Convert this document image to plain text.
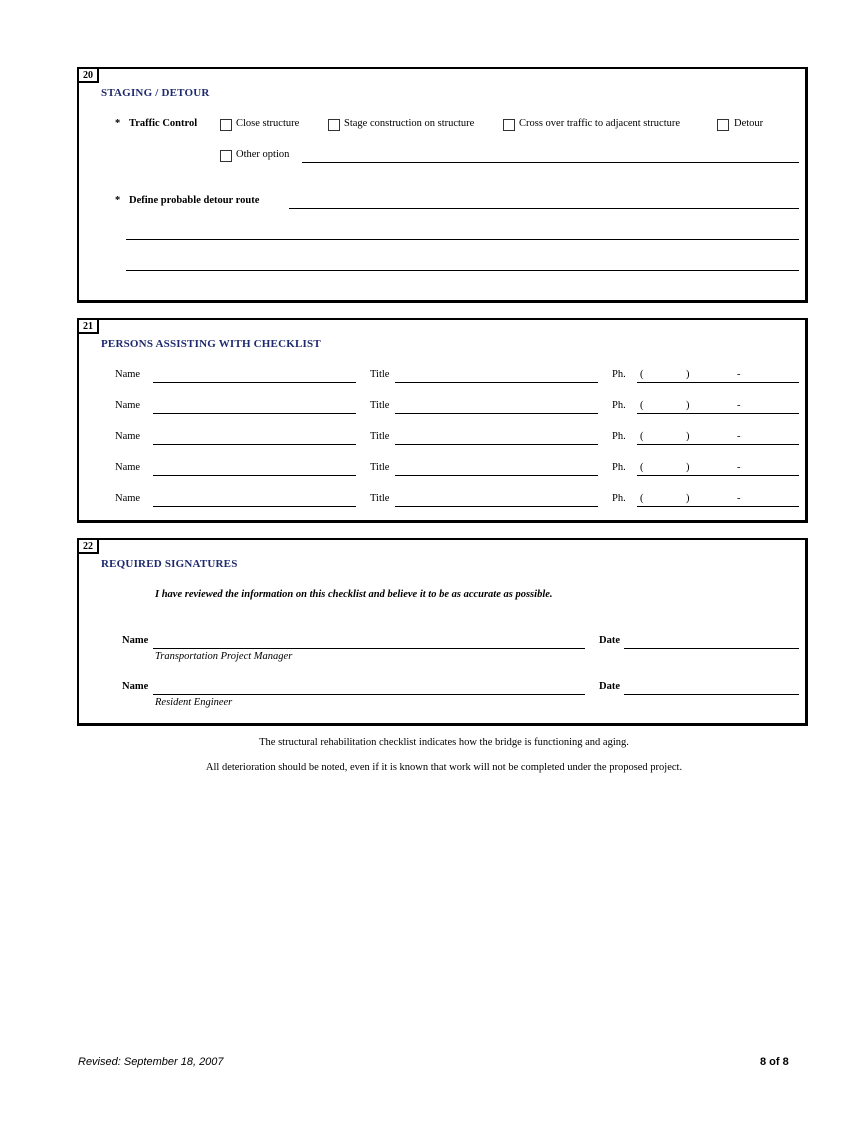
20
STAGING / DETOUR
* Traffic Control	Close structure	Stage construction on structure	Cross over traffic to adjacent structure	Detour
Other option
* Define probable detour route
21
PERSONS ASSISTING WITH CHECKLIST
Name	Title	Ph. (	)	-
Name	Title	Ph. (	)	-
Name	Title	Ph. (	)	-
Name	Title	Ph. (	)	-
Name	Title	Ph. (	)	-
22
REQUIRED SIGNATURES
I have reviewed the information on this checklist and believe it to be as accurate as possible.
Name
Transportation Project Manager
Date
Name
Resident Engineer
Date
The structural rehabilitation checklist indicates how the bridge is functioning and aging.
All deterioration should be noted, even if it is known that work will not be completed under the proposed project.
Revised: September 18, 2007	8 of 8
